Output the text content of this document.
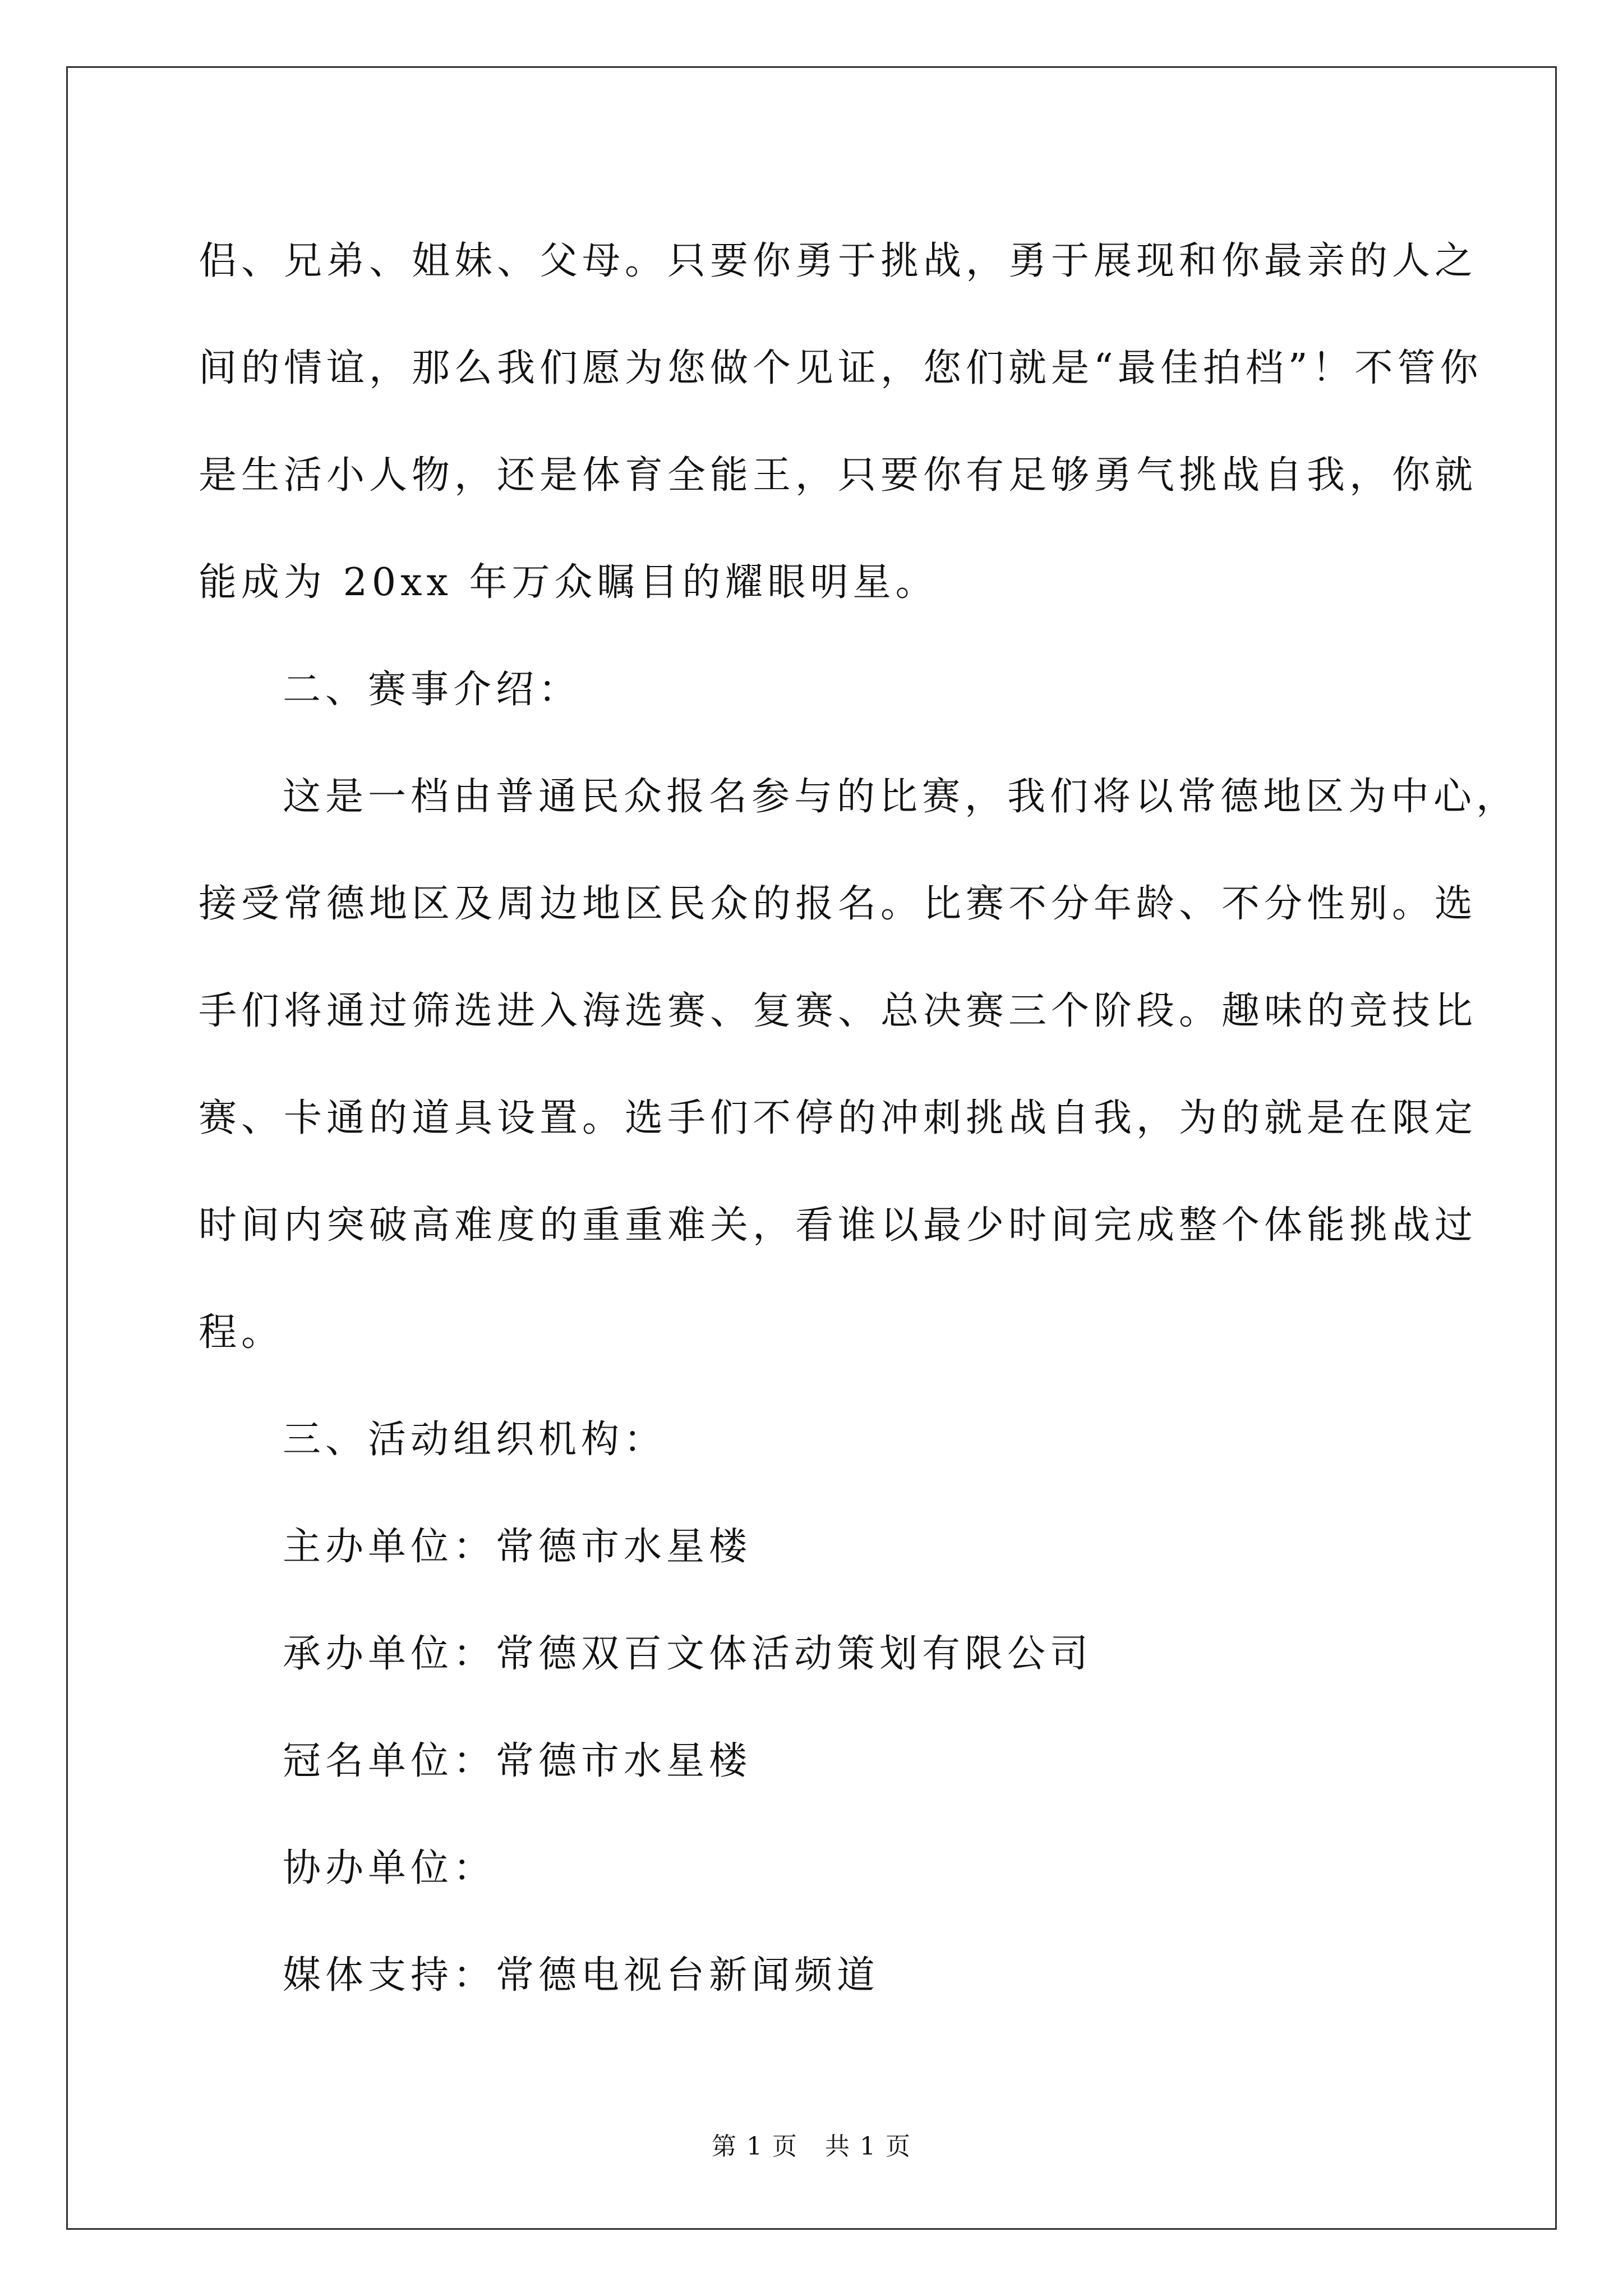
侣、兄弟、姐妹、父母。只要你勇于挑战，勇于展现和你最亲的人之
间的情谊，那么我们愿为您做个见证，您们就是“最佳拍档”！不管你
是生活小人物，还是体育全能王，只要你有足够勇气挑战自我，你就
能成为 20xx 年万众瞩目的耀眼明星。

二、赛事介绍：

这是一档由普通民众报名参与的比赛，我们将以常德地区为中心，
接受常德地区及周边地区民众的报名。比赛不分年龄、不分性别。选
手们将通过筛选进入海选赛、复赛、总决赛三个阶段。趣味的竞技比
赛、卡通的道具设置。选手们不停的冲刺挑战自我，为的就是在限定
时间内突破高难度的重重难关，看谁以最少时间完成整个体能挑战过
程。

三、活动组织机构：

主办单位：常德市水星楼

承办单位：常德双百文体活动策划有限公司

冠名单位：常德市水星楼

协办单位：

媒体支持：常德电视台新闻频道

第 1 页 共 1 页
